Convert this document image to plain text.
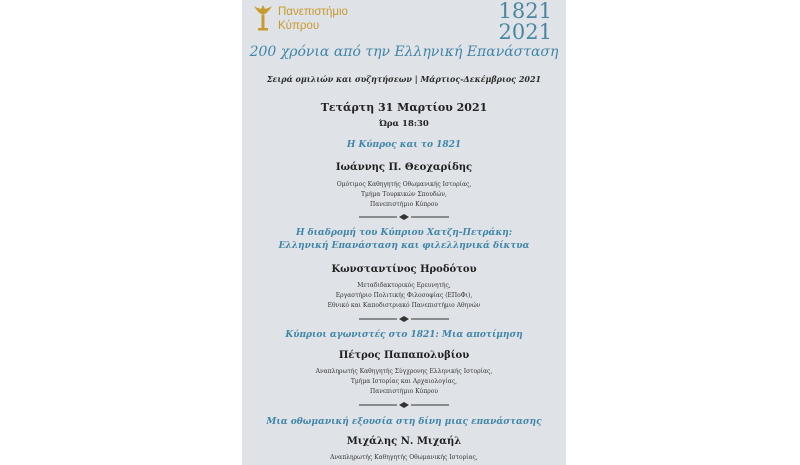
Πανεπιστήμιο
Κύπρου
1821
2021
200 χρόνια από την Ελληνική Επανάσταση
Σειρά ομιλιών και συζητήσεων | Μάρτιος-Δεκέμβριος 2021
Τετάρτη 31 Μαρτίου 2021
Ώρα 18:30
Η Κύπρος και το 1821
Ιωάννης Π. Θεοχαρίδης
Ομότιμος Καθηγητής Οθωμανικής Ιστορίας,
Τμήμα Τουρκικών Σπουδών,
Πανεπιστήμιο Κύπρου
Η διαδρομή του Κύπριου Χατζη-Πετράκη:
Ελληνική Επανάσταση και φιλελληνικά δίκτυα
Κωνσταντίνος Ηροδότου
Μεταδιδακτορικός Ερευνητής,
Εργαστήριο Πολιτικής Φιλοσοφίας (ΕΠοΦι),
Εθνικό και Καποδιστριακό Πανεπιστήμιο Αθηνών
Κύπριοι αγωνιστές στο 1821: Μια αποτίμηση
Πέτρος Παπαπολυβίου
Αναπληρωτής Καθηγητής Σύγχρονης Ελληνικής Ιστορίας,
Τμήμα Ιστορίας και Αρχαιολογίας,
Πανεπιστήμιο Κύπρου
Μια οθωμανική εξουσία στη δίνη μιας επανάστασης
Μιχάλης Ν. Μιχαήλ
Αναπληρωτής Καθηγητής Οθωμανικής Ιστορίας,
